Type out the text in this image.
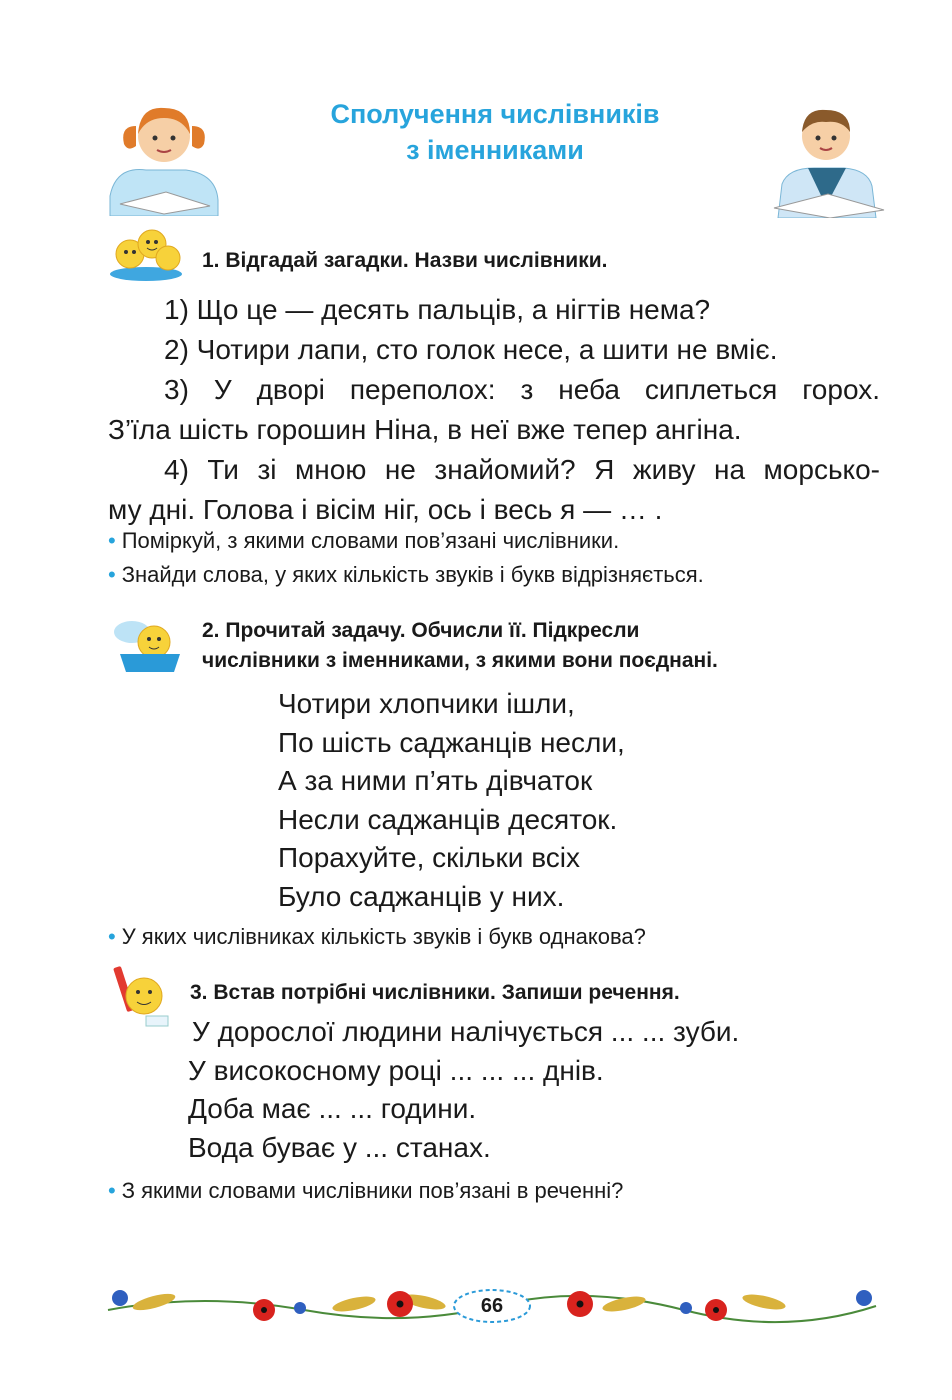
Сполучення числівників
з іменниками
1. Відгадай загадки. Назви числівники.
1) Що це — десять пальців, а нігтів нема?
2) Чотири лапи, сто голок несе, а шити не вміє.
3) У дворі переполох: з неба сиплеться горох.
З’їла шість горошин Ніна, в неї вже тепер ангіна.
4) Ти зі мною не знайомий? Я живу на морсько-
му дні. Голова і вісім ніг, ось і весь я — … .
• Поміркуй, з якими словами пов’язані числівники.
• Знайди слова, у яких кількість звуків і букв відрізняється.
2. Прочитай задачу. Обчисли її. Підкресли
числівники з іменниками, з якими вони поєднані.
Чотири хлопчики ішли,
По шість саджанців несли,
А за ними п’ять дівчаток
Несли саджанців десяток.
Порахуйте, скільки всіх
Було саджанців у них.
• У яких числівниках кількість звуків і букв однакова?
3. Встав потрібні числівники. Запиши речення.
У дорослої людини налічується ... ... зуби.
У високосному році ... ... ... днів.
Доба має ... ... години.
Вода буває у ... станах.
• З якими словами числівники пов’язані в реченні?
66
